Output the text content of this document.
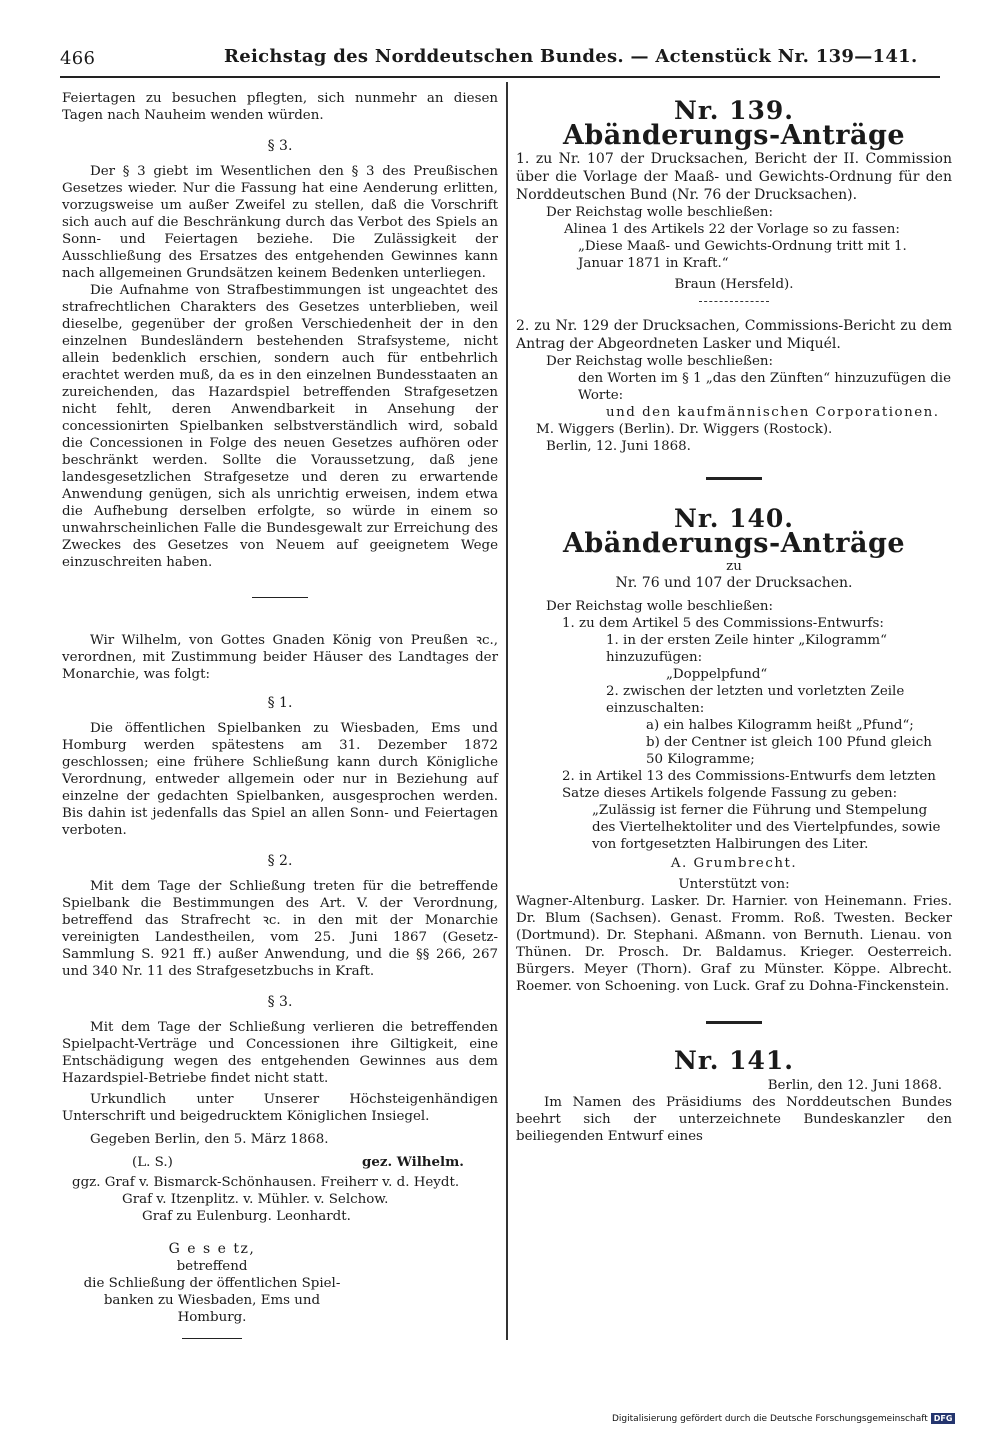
466	Reichstag des Norddeutschen Bundes. — Actenstück Nr. 139—141.

Feiertagen zu besuchen pflegten, sich nunmehr an diesen Tagen nach Nauheim wenden würden.

§ 3.

Der § 3 giebt im Wesentlichen den § 3 des Preußischen Gesetzes wieder. Nur die Fassung hat eine Aenderung erlitten, vorzugsweise um außer Zweifel zu stellen, daß die Vorschrift sich auch auf die Beschränkung durch das Verbot des Spiels an Sonn- und Feiertagen beziehe. Die Zulässigkeit der Ausschließung des Ersatzes des entgehenden Gewinnes kann nach allgemeinen Grundsätzen keinem Bedenken unterliegen.

Die Aufnahme von Strafbestimmungen ist ungeachtet des strafrechtlichen Charakters des Gesetzes unterblieben, weil dieselbe, gegenüber der großen Verschiedenheit der in den einzelnen Bundesländern bestehenden Strafsysteme, nicht allein bedenklich erschien, sondern auch für entbehrlich erachtet werden muß, da es in den einzelnen Bundesstaaten an zureichenden, das Hazardspiel betreffenden Strafgesetzen nicht fehlt, deren Anwendbarkeit in Ansehung der concessionirten Spielbanken selbstverständlich wird, sobald die Concessionen in Folge des neuen Gesetzes aufhören oder beschränkt werden. Sollte die Voraussetzung, daß jene landesgesetzlichen Strafgesetze und deren zu erwartende Anwendung genügen, sich als unrichtig erweisen, indem etwa die Aufhebung derselben erfolgte, so würde in einem so unwahrscheinlichen Falle die Bundesgewalt zur Erreichung des Zweckes des Gesetzes von Neuem auf geeignetem Wege einzuschreiten haben.

Wir Wilhelm, von Gottes Gnaden König von Preußen ꝛc., verordnen, mit Zustimmung beider Häuser des Landtages der Monarchie, was folgt:

§ 1.

Die öffentlichen Spielbanken zu Wiesbaden, Ems und Homburg werden spätestens am 31. Dezember 1872 geschlossen; eine frühere Schließung kann durch Königliche Verordnung, entweder allgemein oder nur in Beziehung auf einzelne der gedachten Spielbanken, ausgesprochen werden. Bis dahin ist jedenfalls das Spiel an allen Sonn- und Feiertagen verboten.

§ 2.

Mit dem Tage der Schließung treten für die betreffende Spielbank die Bestimmungen des Art. V. der Verordnung, betreffend das Strafrecht ꝛc. in den mit der Monarchie vereinigten Landestheilen, vom 25. Juni 1867 (Gesetz-Sammlung S. 921 ff.) außer Anwendung, und die §§ 266, 267 und 340 Nr. 11 des Strafgesetzbuchs in Kraft.

§ 3.

Mit dem Tage der Schließung verlieren die betreffenden Spielpacht-Verträge und Concessionen ihre Giltigkeit, eine Entschädigung wegen des entgehenden Gewinnes aus dem Hazardspiel-Betriebe findet nicht statt.

Urkundlich unter Unserer Höchsteigenhändigen Unterschrift und beigedrucktem Königlichen Insiegel.

Gegeben Berlin, den 5. März 1868.

(L. S.)	gez. Wilhelm.

ggz. Graf v. Bismarck-Schönhausen. Freiherr v. d. Heydt.

Graf v. Itzenplitz. v. Mühler. v. Selchow.

Graf zu Eulenburg. Leonhardt.

G e s e tz,

betreffend

die Schließung der öffentlichen Spiel-

banken zu Wiesbaden, Ems und

Homburg.

Nr. 139.

Abänderungs-Anträge

1. zu Nr. 107 der Drucksachen, Bericht der II. Commission über die Vorlage der Maaß- und Gewichts-Ordnung für den Norddeutschen Bund (Nr. 76 der Drucksachen).

Der Reichstag wolle beschließen:

Alinea 1 des Artikels 22 der Vorlage so zu fassen:

„Diese Maaß- und Gewichts-Ordnung tritt mit 1. Januar 1871 in Kraft.“

Braun (Hersfeld).

2. zu Nr. 129 der Drucksachen, Commissions-Bericht zu dem Antrag der Abgeordneten Lasker und Miquél.

Der Reichstag wolle beschließen:

den Worten im § 1 „das den Zünften“ hinzuzufügen die Worte:

und den kaufmännischen Corporationen.

M. Wiggers (Berlin). Dr. Wiggers (Rostock).

Berlin, 12. Juni 1868.

Nr. 140.

Abänderungs-Anträge

zu

Nr. 76 und 107 der Drucksachen.

Der Reichstag wolle beschließen:

1. zu dem Artikel 5 des Commissions-Entwurfs:

1. in der ersten Zeile hinter „Kilogramm“ hinzuzufügen:

„Doppelpfund“

2. zwischen der letzten und vorletzten Zeile einzuschalten:

a) ein halbes Kilogramm heißt „Pfund“;

b) der Centner ist gleich 100 Pfund gleich 50 Kilogramme;

2. in Artikel 13 des Commissions-Entwurfs dem letzten Satze dieses Artikels folgende Fassung zu geben:

„Zulässig ist ferner die Führung und Stempelung des Viertelhektoliter und des Viertelpfundes, sowie von fortgesetzten Halbirungen des Liter.

A. Grumbrecht.

Unterstützt von:

Wagner-Altenburg. Lasker. Dr. Harnier. von Heinemann. Fries. Dr. Blum (Sachsen). Genast. Fromm. Roß. Twesten. Becker (Dortmund). Dr. Stephani. Aßmann. von Bernuth. Lienau. von Thünen. Dr. Prosch. Dr. Baldamus. Krieger. Oesterreich. Bürgers. Meyer (Thorn). Graf zu Münster. Köppe. Albrecht. Roemer. von Schoening. von Luck. Graf zu Dohna-Finckenstein.

Nr. 141.

Berlin, den 12. Juni 1868.

Im Namen des Präsidiums des Norddeutschen Bundes beehrt sich der unterzeichnete Bundeskanzler den beiliegenden Entwurf eines

Digitalisierung gefördert durch die Deutsche Forschungsgemeinschaft DFG
